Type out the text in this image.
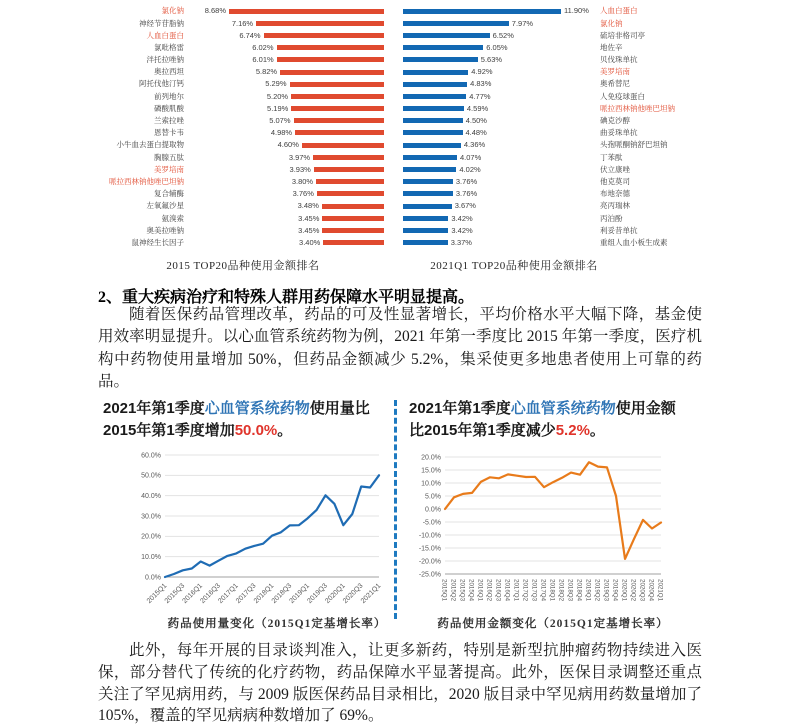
氯化钠	8.68%
神经节苷脂钠	7.16%
人血白蛋白	6.74%
氯吡格雷	6.02%
泮托拉唑钠	6.01%
奥拉西坦	5.82%
阿托伐他汀钙	5.29%
前列地尔	5.20%
磷酸肌酸	5.19%
兰索拉唑	5.07%
恩替卡韦	4.98%
小牛血去蛋白提取物	4.60%
胸腺五肽	3.97%
美罗培南	3.93%
哌拉西林钠他唑巴坦钠	3.80%
复合辅酶	3.76%
左氧氟沙星	3.48%
氨溴索	3.45%
奥美拉唑钠	3.45%
鼠神经生长因子	3.40%
11.90% 人血白蛋白
7.97%	氯化钠
6.52%	硫培非格司亭
6.05%	地佐辛
5.63%	贝伐珠单抗
4.92%	美罗培南
4.83%	奥希替尼
4.77%	人免疫球蛋白
4.59%	哌拉西林钠他唑巴坦钠
4.50%	碘克沙醇
4.48%	曲妥珠单抗
4.36%	头孢哌酮钠舒巴坦钠
4.07%	丁苯酞
4.02%	伏立康唑
3.76%	他克莫司
3.76%	布地奈德
3.67%	亮丙瑞林
3.42%	丙泊酚
3.42%	利妥昔单抗
3.37%	重组人血小板生成素
2015 TOP20品种使用金额排名	2021Q1 TOP20品种使用金额排名
2、重大疾病治疗和特殊人群用药保障水平明显提高。

随着医保药品管理改革，药品的可及性显著增长，平均价格水平大幅下降，基金使用效率明显提升。以心血管系统药物为例，2021 年第一季度比 2015 年第一季度，医疗机构中药物使用量增加 50%，但药品金额减少 5.2%，集采使更多地患者使用上可靠的药品。

2021年第1季度心血管系统药物使用量比2015年第1季度增加50.0%。
2021年第1季度心血管系统药物使用金额比2015年第1季度减少5.2%。
0.0%
10.0%
20.0%
30.0%
40.0%
50.0%
60.0%
2015Q1
2015Q3
2016Q1
2016Q3
2017Q1
2017Q3
2018Q1
2018Q3
2019Q1
2019Q3
2020Q1
2020Q3
2021Q1
-25.0%
-20.0%
-15.0%
-10.0%
-5.0%
0.0%
5.0%
10.0%
15.0%
20.0%
2015Q1 2015Q2 2015Q3 2015Q4 2016Q1 2016Q2 2016Q3 2016Q4 2017Q1 2017Q2 2017Q3 2017Q4 2018Q1 2018Q2 2018Q3 2018Q4 2019Q1 2019Q2 2019Q3 2019Q4 2020Q1 2020Q2 2020Q3 2020Q4 2021Q1
药品使用量变化（2015Q1定基增长率）	药品使用金额变化（2015Q1定基增长率）

此外，每年开展的目录谈判准入，让更多新药，特别是新型抗肿瘤药物持续进入医保，部分替代了传统的化疗药物，药品保障水平显著提高。此外，医保目录调整还重点关注了罕见病用药，与 2009 版医保药品目录相比，2020 版目录中罕见病用药数量增加了 105%，覆盖的罕见病病种数增加了 69%。
